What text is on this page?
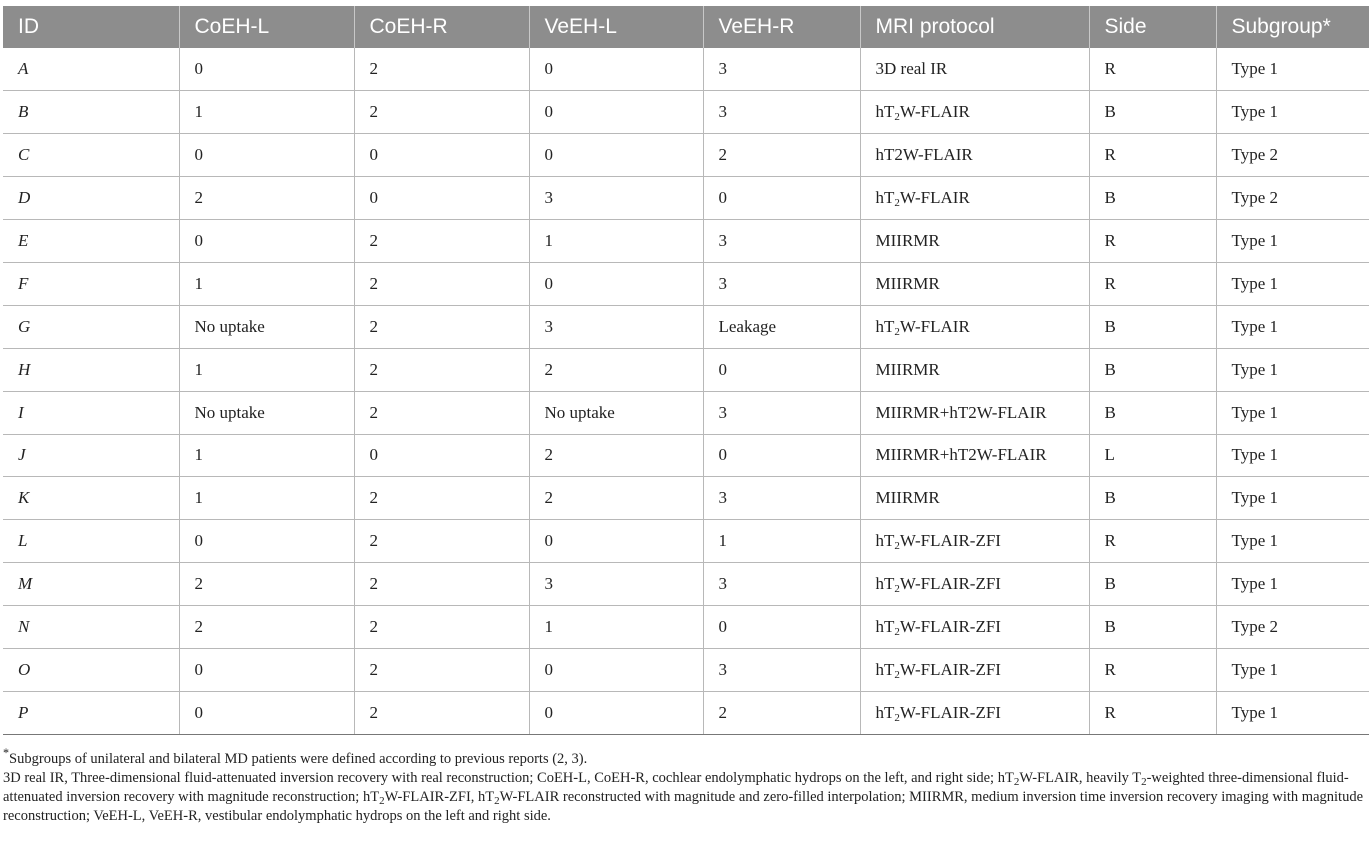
ID	CoEH-L	CoEH-R	VeEH-L	VeEH-R	MRI protocol	Side	Subgroup*
A	0	2	0	3	3D real IR	R	Type 1
B	1	2	0	3	$hT_2W$-FLAIR	B	Type 1
C	0	0	0	2	hT2W-FLAIR	R	Type 2
D	2	0	3	0	$hT_2W$-FLAIR	B	Type 2
E	0	2	1	3	MIIRMR	R	Type 1
F	1	2	0	3	MIIRMR	R	Type 1
G	No uptake	2	3	Leakage	$hT_2W$-FLAIR	B	Type 1
H	1	2	2	0	MIIRMR	B	Type 1
I	No uptake	2	No uptake	3	MIIRMR+hT2W-FLAIR	B	Type 1
J	1	0	2	0	MIIRMR+hT2W-FLAIR	L	Type 1
K	1	2	2	3	MIIRMR	B	Type 1
L	0	2	0	1	$hT_2W-FLAIR$-ZFI	R	Type 1
M	2	2	3	3	$hT_2W-FLAIR$-ZFI	B	Type 1
N	2	2	1	0	$hT_2W-FLAIR$-ZFI	B	Type 2
O	0	2	0	3	$hT_2W-FLAIR$-ZFI	R	Type 1
P	0	2	0	2	$hT_2W-FLAIR$-ZFI	R	Type 1

*Subgroups of unilateral and bilateral MD patients were defined according to previous reports (2, 3).

3D real IR, Three-dimensional fluid-attenuated inversion recovery with real reconstruction; CoEH-L, CoEH-R, cochlear endolymphatic hydrops on the left, and right side; $hT_2W$-FLAIR, heavily $T_2$-weighted three-dimensional fluid-attenuated inversion recovery with magnitude reconstruction; $hT_2W-FLAIR$-ZFI, $hT_2W$-FLAIR reconstructed with magnitude and zero-filled interpolation; MIIRMR, medium inversion time inversion recovery imaging with magnitude reconstruction; VeEH-L, VeEH-R, vestibular endolymphatic hydrops on the left and right side.
